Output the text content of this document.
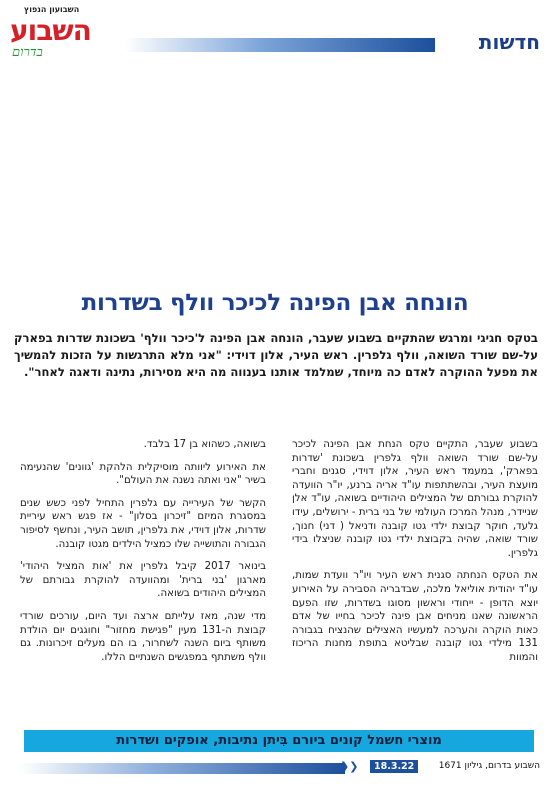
עיריית שדרות
"כל איש יש שם שנתן לו אלוקים"
פינת זיכרון לכיכר וולף גלפרין שורד השואה
כיכר וולף גלפרין
שדרות
השבועון הנפוץ
השבוע
בדרום	חדשות
הונחה אבן הפינה לכיכר וולף בשדרות

בטקס חגיגי ומרגש שהתקיים בשבוע שעבר, הונחה אבן הפינה ל'כיכר וולף' בשכונת שדרות בפארק על-שם שורד השואה, וולף גלפרין. ראש העיר, אלון דוידי: "אני מלא התרגשות על הזכות להמשיך את מפעל ההוקרה לאדם כה מיוחד, שמלמד אותנו בענווה מה היא מסירות, נתינה ודאגה לאחר".

בשבוע שעבר, התקיים טקס הנחת אבן הפינה לכיכר על-שם שורד השואה וולף גלפרין בשכונת 'שדרות בפארק', במעמד ראש העיר, אלון דוידי, סגנים וחברי מועצת העיר, ובהשתתפות עו"ד אריה ברנע, יו"ר הוועדה להוקרת גבורתם של המצילים היהודיים בשואה, עו"ד אלן שניידר, מנהל המרכז העולמי של בני ברית - ירושלים, עידו גלעד, חוקר קבוצת ילדי גטו קובנה ודניאל ( דני) חנוך, שורד שואה, שהיה בקבוצת ילדי גטו קובנה שניצלו בידי גלפרין.

את הטקס הנחתה סגנית ראש העיר ויו"ר וועדת שמות, עו"ד יהודית אוליאל מלכה, שבדבריה הסבירה על האירוע יוצא הדופן - ייחודי וראשון מסוגו בשדרות, שזו הפעם הראשונה שאנו מניחים אבן פינה לכיכר בחייו של אדם כאות הוקרה והערכה למעשיו האצילים שהנציח בגבורה 131 מילדי גטו קובנה שבליטא בתופת מחנות הריכוז והמוות

בשואה, כשהוא בן 17 בלבד.

את האירוע ליוותה מוסיקלית הלהקת 'גוונים' שהנעימה בשיר "אני ואתה נשנה את העולם".

הקשר של העירייה עם גלפרין התחיל לפני כשש שנים במסגרת המיזם "זיכרון בסלון" - אז פגש ראש עיריית שדרות, אלון דוידי, את גלפרין, תושב העיר, ונחשף לסיפור הגבורה והתושייה שלו כמציל הילדים מגטו קובנה.

בינואר 2017 קיבל גלפרין את 'אות המציל היהודי' מארגון 'בני ברית' ומהוועדה להוקרת גבורתם של המצילים היהודים בשואה.

מדי שנה, מאז עלייתם ארצה ועד היום, עורכים שורדי קבוצת ה-131 מעין "פגישת מחזור" וחוגגים יום הולדת משותף ביום השנה לשחרור, בו הם מעלים זיכרונות. גם וולף משתתף במפגשים השנתיים הללו.

מוצרי חשמל קונים ביורם בִּיתן נתיבות, אופקים ושדרות
❯❯	18.3.22	השבוע בדרום, גיליון 1671
